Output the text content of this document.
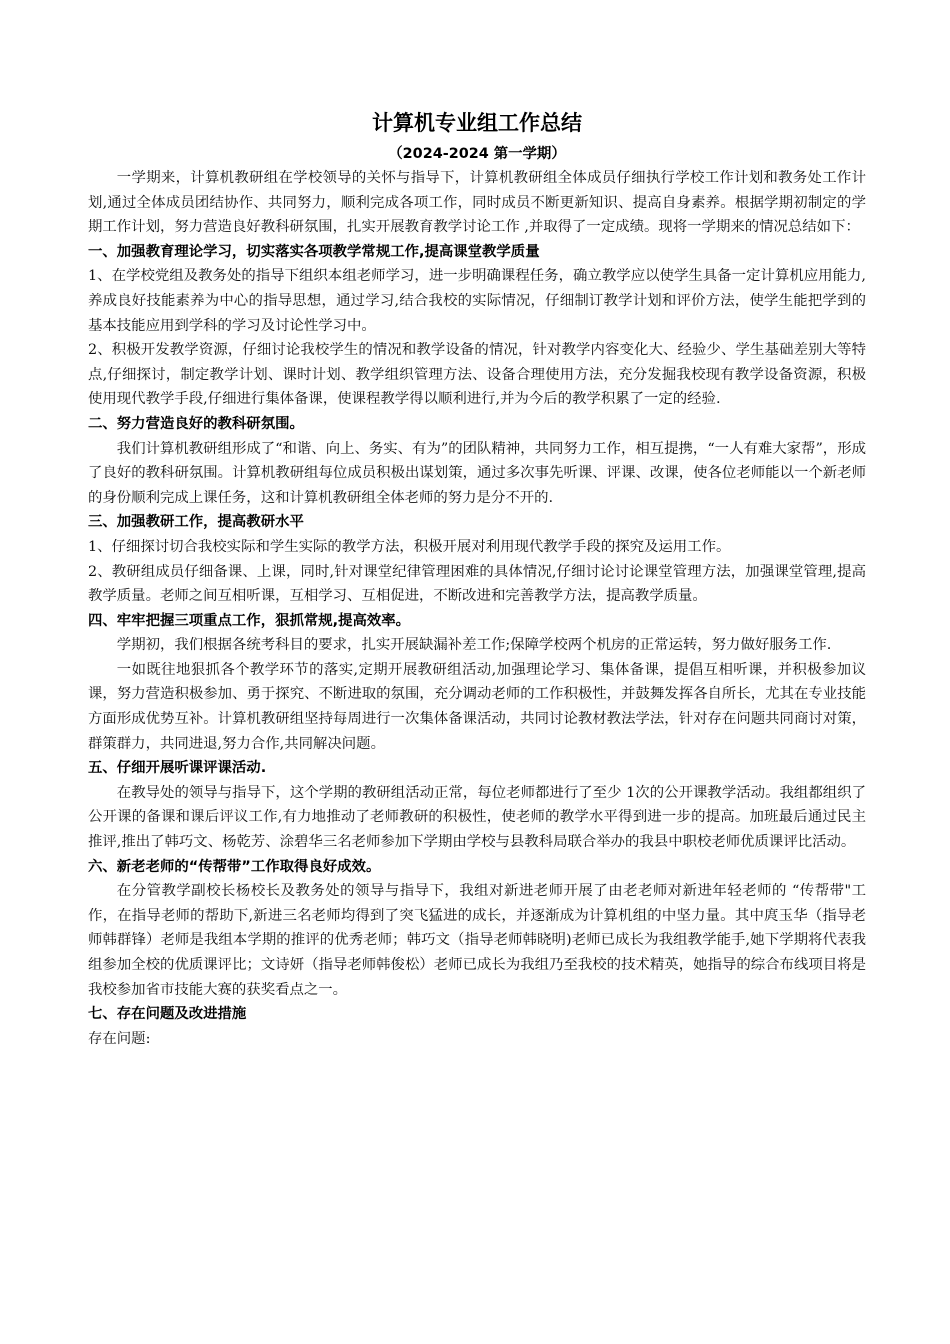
计算机专业组工作总结
（2024-2024 第一学期）

一学期来，计算机教研组在学校领导的关怀与指导下，计算机教研组全体成员仔细执行学校工作计划和教务处工作计划,通过全体成员团结协作、共同努力，顺利完成各项工作，同时成员不断更新知识、提高自身素养。根据学期初制定的学期工作计划，努力营造良好教科研氛围，扎实开展教育教学讨论工作 ,并取得了一定成绩。现将一学期来的情况总结如下：

一、加强教育理论学习，切实落实各项教学常规工作,提高课堂教学质量

1、在学校党组及教务处的指导下组织本组老师学习，进一步明确课程任务，确立教学应以使学生具备一定计算机应用能力,养成良好技能素养为中心的指导思想，通过学习,结合我校的实际情况，仔细制订教学计划和评价方法，使学生能把学到的基本技能应用到学科的学习及讨论性学习中。

2、积极开发教学资源，仔细讨论我校学生的情况和教学设备的情况，针对教学内容变化大、经验少、学生基础差别大等特点,仔细探讨，制定教学计划、课时计划、教学组织管理方法、设备合理使用方法，充分发掘我校现有教学设备资源，积极使用现代教学手段,仔细进行集体备课，使课程教学得以顺利进行,并为今后的教学积累了一定的经验.

二、努力营造良好的教科研氛围。

我们计算机教研组形成了“和谐、向上、务实、有为”的团队精神，共同努力工作，相互提携，“一人有难大家帮”，形成了良好的教科研氛围。计算机教研组每位成员积极出谋划策，通过多次事先听课、评课、改课，使各位老师能以一个新老师的身份顺利完成上课任务，这和计算机教研组全体老师的努力是分不开的.

三、加强教研工作，提高教研水平

1、仔细探讨切合我校实际和学生实际的教学方法，积极开展对利用现代教学手段的探究及运用工作。

2、教研组成员仔细备课、上课，同时,针对课堂纪律管理困难的具体情况,仔细讨论讨论课堂管理方法，加强课堂管理,提高教学质量。老师之间互相听课，互相学习、互相促进，不断改进和完善教学方法，提高教学质量。

四、牢牢把握三项重点工作，狠抓常规,提高效率。

学期初，我们根据各统考科目的要求，扎实开展缺漏补差工作;保障学校两个机房的正常运转，努力做好服务工作.

一如既往地狠抓各个教学环节的落实,定期开展教研组活动,加强理论学习、集体备课，提倡互相听课，并积极参加议课，努力营造积极参加、勇于探究、不断进取的氛围，充分调动老师的工作积极性，并鼓舞发挥各自所长，尤其在专业技能方面形成优势互补。计算机教研组坚持每周进行一次集体备课活动，共同讨论教材教法学法，针对存在问题共同商讨对策，群策群力，共同进退,努力合作,共同解决问题。

五、仔细开展听课评课活动.

在教导处的领导与指导下，这个学期的教研组活动正常，每位老师都进行了至少 1次的公开课教学活动。我组都组织了公开课的备课和课后评议工作,有力地推动了老师教研的积极性，使老师的教学水平得到进一步的提高。加班最后通过民主推评,推出了韩巧文、杨乾芳、涂碧华三名老师参加下学期由学校与县教科局联合举办的我县中职校老师优质课评比活动。

六、新老老师的“传帮带”工作取得良好成效。

在分管教学副校长杨校长及教务处的领导与指导下，我组对新进老师开展了由老老师对新进年轻老师的 “传帮带"工作，在指导老师的帮助下,新进三名老师均得到了突飞猛进的成长，并逐渐成为计算机组的中坚力量。其中庹玉华（指导老师韩群锋）老师是我组本学期的推评的优秀老师；韩巧文（指导老师韩晓明)老师已成长为我组教学能手,她下学期将代表我组参加全校的优质课评比；文诗妍（指导老师韩俊松）老师已成长为我组乃至我校的技术精英，她指导的综合布线项目将是我校参加省市技能大赛的获奖看点之一。

七、存在问题及改进措施

存在问题:
